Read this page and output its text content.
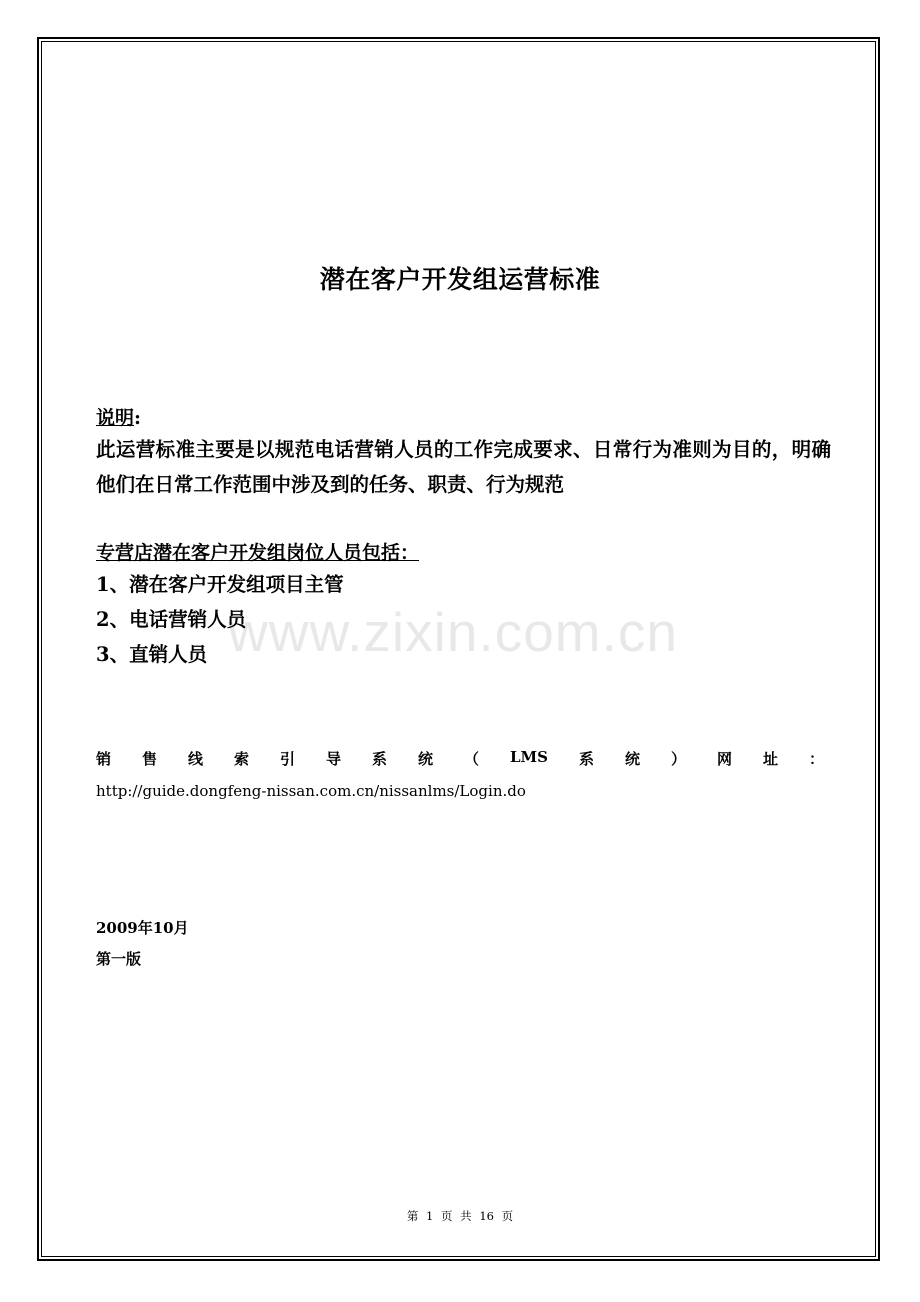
www.zixin.com.cn
潜在客户开发组运营标准
说明:
此运营标准主要是以规范电话营销人员的工作完成要求、日常行为准则为目的，明确他们在日常工作范围中涉及到的任务、职责、行为规范
专营店潜在客户开发组岗位人员包括：
1、潜在客户开发组项目主管
2、电话营销人员
3、直销人员
销 售 线 索 引 导 系 统 （ LMS 系 统 ） 网 址 ：
http://guide.dongfeng-nissan.com.cn/nissanlms/Login.do
2009年10月
第一版
第 1 页 共 16 页
